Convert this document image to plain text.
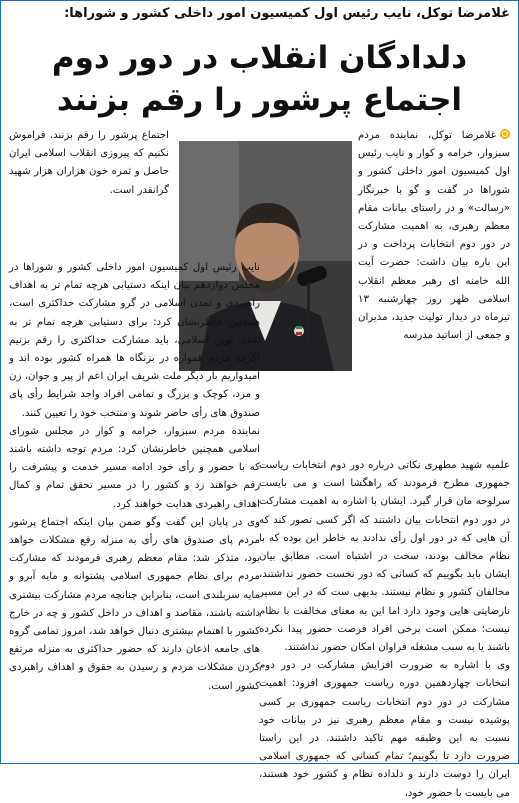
غلامرضا توکل، نایب رئیس اول کمیسیون امور داخلی کشور و شوراها:
دلدادگان انقلاب در دور دوم
اجتماع پرشور را رقم بزنند
غلامرضا توکل، نماینده مردم سبزوار، خرامه و کوار و نایب رئیس اول کمیسیون امور داخلی کشور و شوراها در گفت و گو با خبرنگار «رسالت» و در راستای بیانات مقام معظم رهبری، به اهمیت مشارکت در دور دوم انتخابات پرداخت و در این باره بیان داشت: حضرت آیت الله خامنه ای رهبر معظم انقلاب اسلامی ظهر روز چهارشنبه ۱۳ تیرماه در دیدار تولیت جدید، مدیران و جمعی از اساتید مدرسه

اجتماع پرشور را رقم بزنند. فراموش نکنیم که پیروزی انقلاب اسلامی ایران حاصل و ثمره خون هزاران هزار شهید گرانقدر است.

نایب رئیس اول کمیسیون امور داخلی کشور و شوراها در مجلس دوازدهم بیان اینکه دستیابی هرچه تمام تر به اهداف راهبردی و تمدن اسلامی در گرو مشارکت حداکثری است، همچنین خاطرنشان کرد: برای دستیابی هرچه تمام تر به تمدن نوین اسلامی، باید مشارکت حداکثری را رقم بزنیم اگرچه مردم همواره در بزنگاه ها همراه کشور بوده اند و امیدواریم بار دیگر ملت شریف ایران اعم از پیر و جوان، زن و مرد، کوچک و بزرگ و تمامی افراد واجد شرایط رأی پای صندوق های رأی حاضر شوند و منتخب خود را تعیین کنند.

نماینده مردم سبزوار، خرامه و کوار در مجلس شورای اسلامی همچنین خاطرنشان کرد: مردم توجه داشته باشند که با حضور و رأی خود ادامه مسیر خدمت و پیشرفت را رقم خواهند زد و کشور را در مسیر تحقق تمام و کمال اهداف راهبردی هدایت خواهند کرد.

وی در پایان این گفت وگو ضمن بیان اینکه اجتماع پرشور مردم پای صندوق های رأی به منزله رفع مشکلات خواهد بود، متذکر شد: مقام معظم رهبری فرمودند که مشارکت مردم برای نظام جمهوری اسلامی پشتوانه و مایه آبرو و مایه سربلندی است، بنابراین چنانچه مردم مشارکت بیشتری داشته باشند، مقاصد و اهداف در داخل کشور و چه در خارج کشور با اهتمام بیشتری دنبال خواهد شد، امروز تمامی گروه های جامعه اذعان دارند که حضور حداکثری به منزله مرتفع کردن مشکلات مردم و رسیدن به حقوق و اهداف راهبردی کشور است.

علمیه شهید مطهری نکاتی درباره دور دوم انتخابات ریاست جمهوری مطرح فرمودند که راهگشا است و می بایست سرلوحه مان قرار گیرد. ایشان با اشاره به اهمیت مشارکت در دور دوم انتخابات بیان داشتند که اگر کسی تصور کند که آن هایی که در دور اول رأی ندادند به خاطر این بوده که با نظام مخالف بودند، سخت در اشتباه است. مطابق بیان ایشان باید بگوییم که کسانی که دور نخست حضور نداشتند، مخالفان کشور و نظام نیستند. بدیهی ست که در این مسیر نارضایتی هایی وجود دارد اما این به معنای مخالفت با نظام نیست؛ ممکن است برخی افراد فرصت حضور پیدا نکرده باشند یا به سبب مشغله فراوان امکان حضور نداشتند.

وی با اشاره به ضرورت افزایش مشارکت در دور دوم انتخابات چهاردهمین دوره ریاست جمهوری افزود: اهمیت مشارکت در دور دوم انتخابات ریاست جمهوری بر کسی پوشیده نیست و مقام معظم رهبری نیز در بیانات خود نسبت به این وظیفه مهم تاکید داشتند. در این راستا ضرورت دارد تا بگوییم؛ تمام کسانی که جمهوری اسلامی ایران را دوست دارند و دلداده نظام و کشور خود هستند، می بایست با حضور خود،
